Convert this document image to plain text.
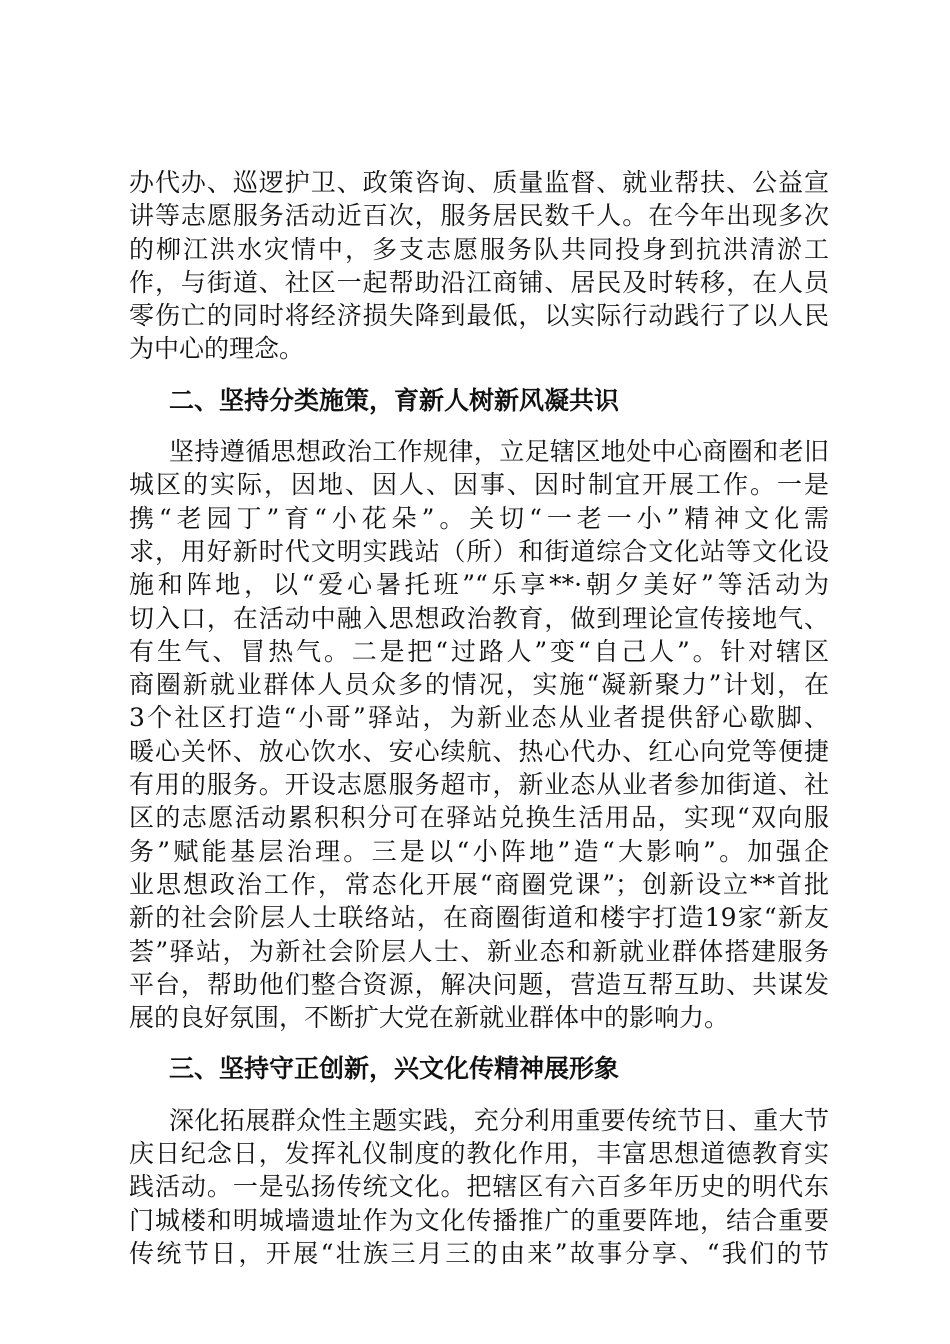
办代办、巡逻护卫、政策咨询、质量监督、就业帮扶、公益宣
讲等志愿服务活动近百次，服务居民数千人。在今年出现多次
的柳江洪水灾情中，多支志愿服务队共同投身到抗洪清淤工
作，与街道、社区一起帮助沿江商铺、居民及时转移，在人员
零伤亡的同时将经济损失降到最低，以实际行动践行了以人民
为中心的理念。
二、坚持分类施策，育新人树新风凝共识
坚持遵循思想政治工作规律，立足辖区地处中心商圈和老旧
城区的实际，因地、因人、因事、因时制宜开展工作。一是
携“老园丁”育“小花朵”。关切“一老一小”精神文化需
求，用好新时代文明实践站（所）和街道综合文化站等文化设
施和阵地，以“爱心暑托班”“乐享**·朝夕美好”等活动为
切入口，在活动中融入思想政治教育，做到理论宣传接地气、
有生气、冒热气。二是把“过路人”变“自己人”。针对辖区
商圈新就业群体人员众多的情况，实施“凝新聚力”计划，在
3个社区打造“小哥”驿站，为新业态从业者提供舒心歇脚、
暖心关怀、放心饮水、安心续航、热心代办、红心向党等便捷
有用的服务。开设志愿服务超市，新业态从业者参加街道、社
区的志愿活动累积积分可在驿站兑换生活用品，实现“双向服
务”赋能基层治理。三是以“小阵地”造“大影响”。加强企
业思想政治工作，常态化开展“商圈党课”；创新设立**首批
新的社会阶层人士联络站，在商圈街道和楼宇打造19家“新友
荟”驿站，为新社会阶层人士、新业态和新就业群体搭建服务
平台，帮助他们整合资源，解决问题，营造互帮互助、共谋发
展的良好氛围，不断扩大党在新就业群体中的影响力。
三、坚持守正创新，兴文化传精神展形象
深化拓展群众性主题实践，充分利用重要传统节日、重大节
庆日纪念日，发挥礼仪制度的教化作用，丰富思想道德教育实
践活动。一是弘扬传统文化。把辖区有六百多年历史的明代东
门城楼和明城墙遗址作为文化传播推广的重要阵地，结合重要
传统节日，开展“壮族三月三的由来”故事分享、“我们的节
